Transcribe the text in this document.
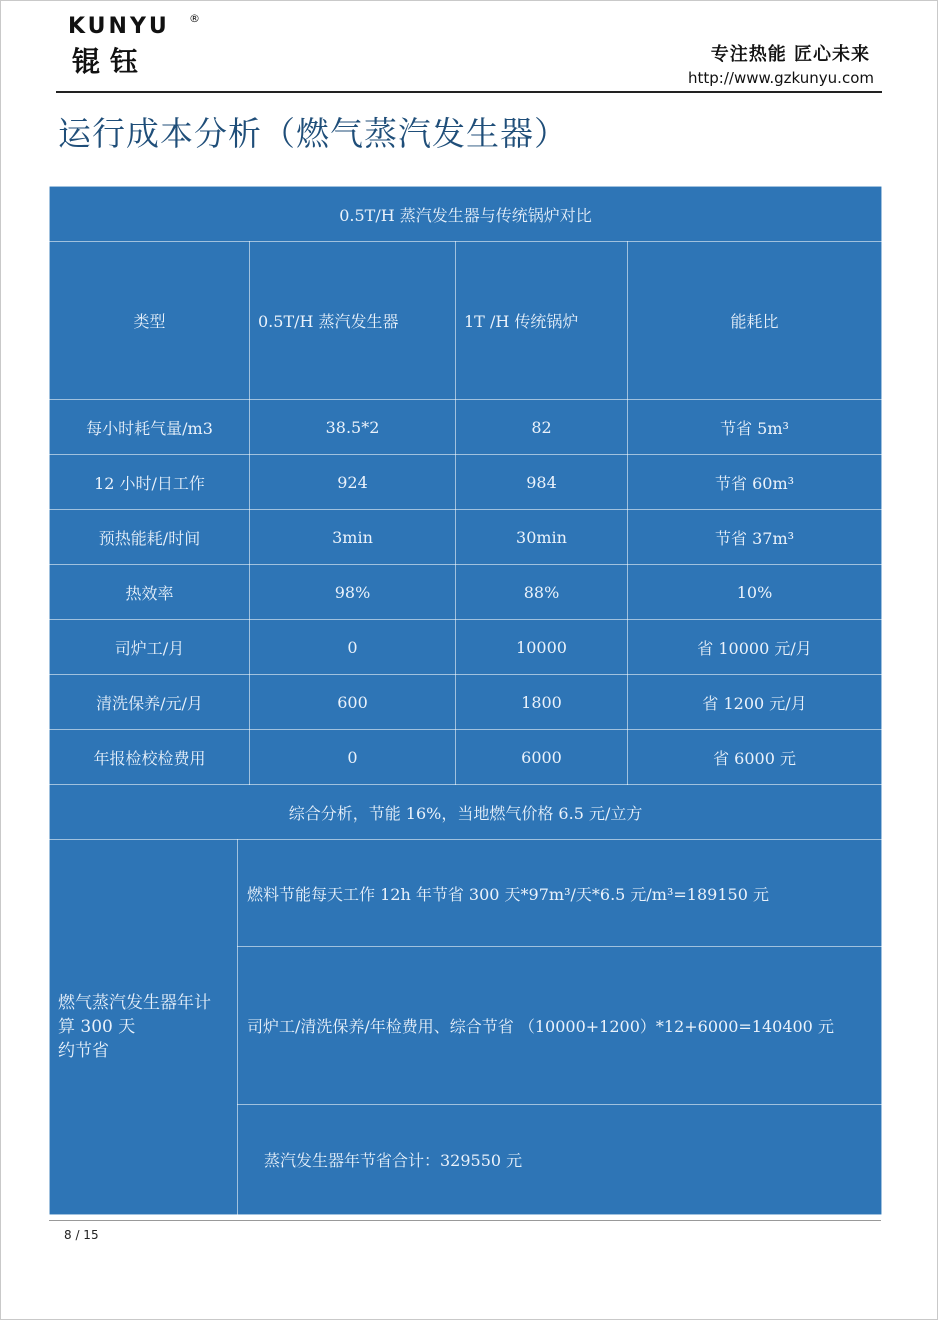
KUNYU ®
锟钰	专注热能 匠心未来
http://www.gzkunyu.com
运行成本分析（燃气蒸汽发生器）
0.5T/H 蒸汽发生器与传统锅炉对比				
类型		0.5T/H 蒸汽发生器	1T /H 传统锅炉	能耗比
每小时耗气量/m3		38.5*2	82	节省 5m³
12 小时/日工作		924	984	节省 60m³
预热能耗/时间		3min	30min	节省 37m³
热效率		98%	88%	10%
司炉工/月		0	10000	省 10000 元/月
清洗保养/元/月		600	1800	省 1200 元/月
年报检校检费用		0	6000	省 6000 元
综合分析，节能 16%，当地燃气价格 6.5 元/立方				

燃气蒸汽发生器年计
算 300 天
约节省	燃料节能每天工作 12h 年节省 300 天*97m³/天*6.5 元/m³=189150 元			
	司炉工/清洗保养/年检费用、综合节省 （10000+1200）*12+6000=140400 元			
	蒸汽发生器年节省合计：329550 元			
8 / 15
